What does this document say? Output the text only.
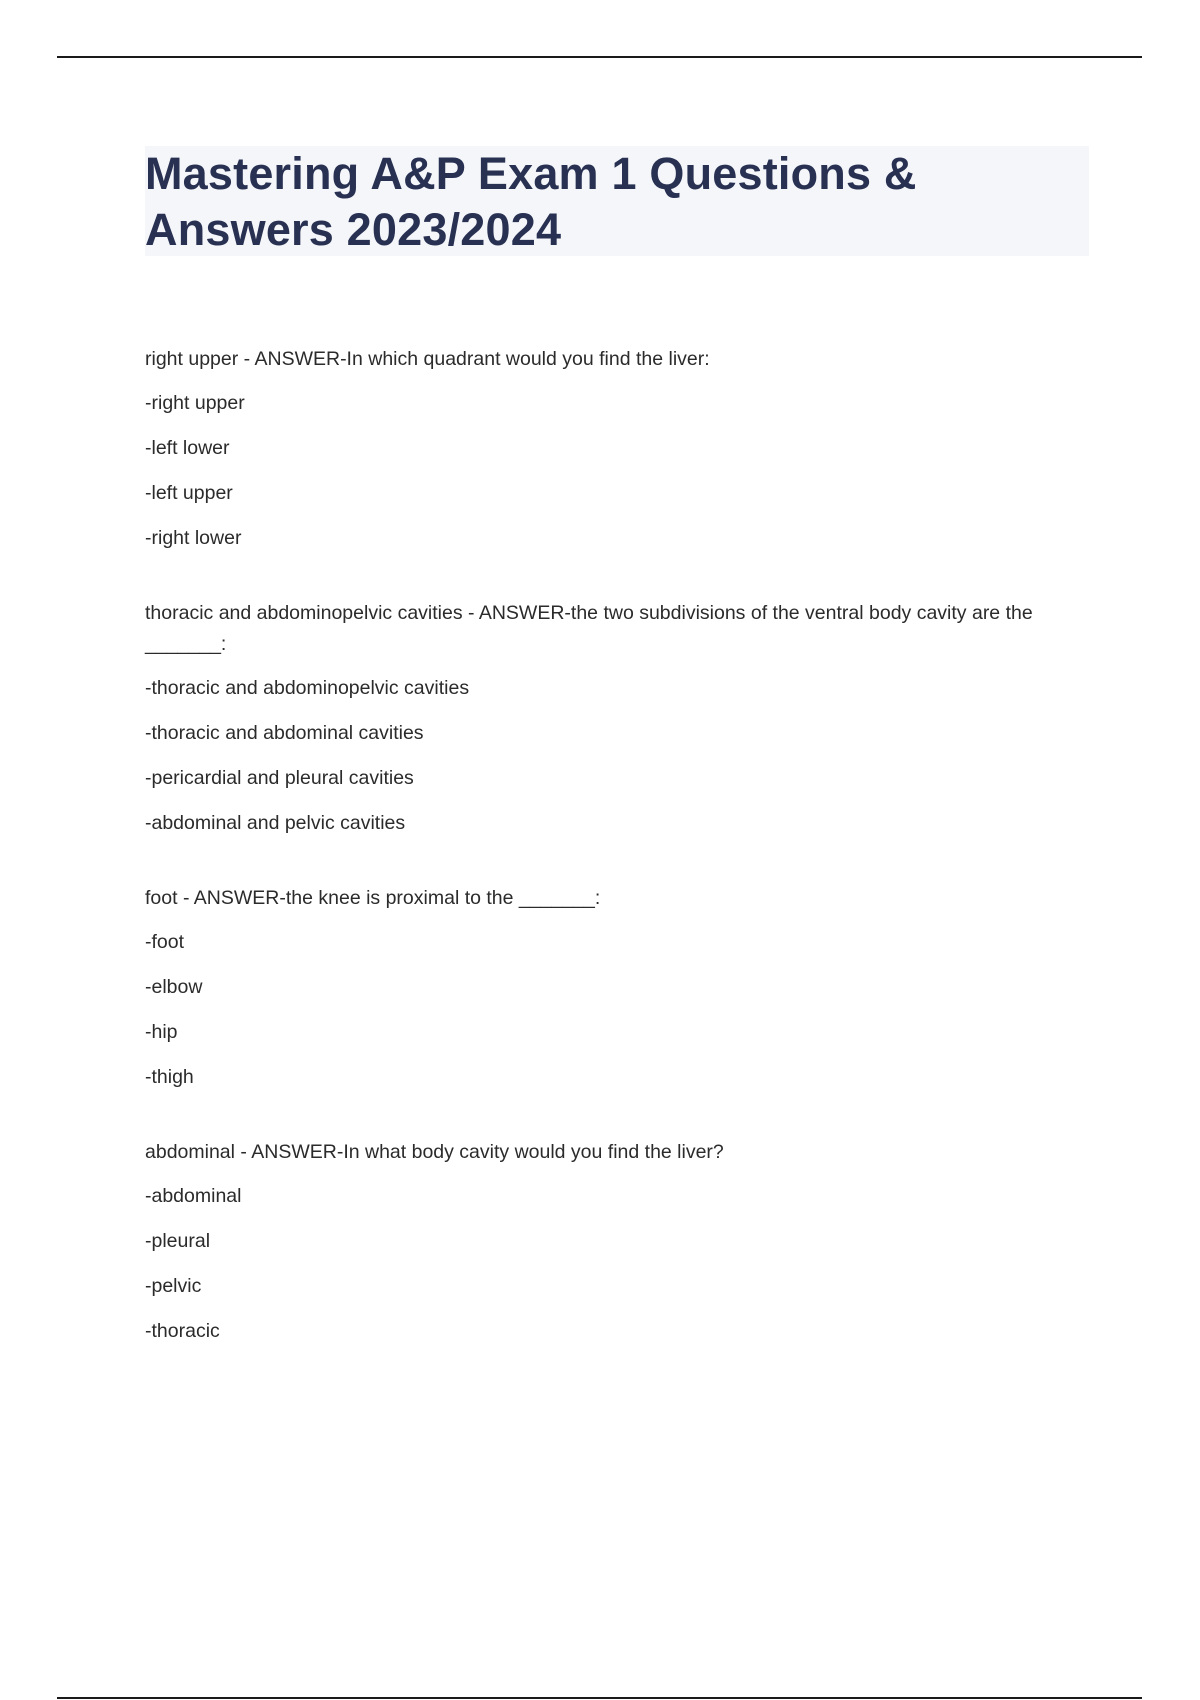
Mastering A&P Exam 1 Questions & Answers 2023/2024

right upper - ANSWER-In which quadrant would you find the liver:

-right upper
-left lower
-left upper
-right lower

thoracic and abdominopelvic cavities - ANSWER-the two subdivisions of the ventral body cavity are the _______:

-thoracic and abdominopelvic cavities
-thoracic and abdominal cavities
-pericardial and pleural cavities
-abdominal and pelvic cavities

foot - ANSWER-the knee is proximal to the _______:

-foot
-elbow
-hip
-thigh

abdominal - ANSWER-In what body cavity would you find the liver?

-abdominal
-pleural
-pelvic
-thoracic
